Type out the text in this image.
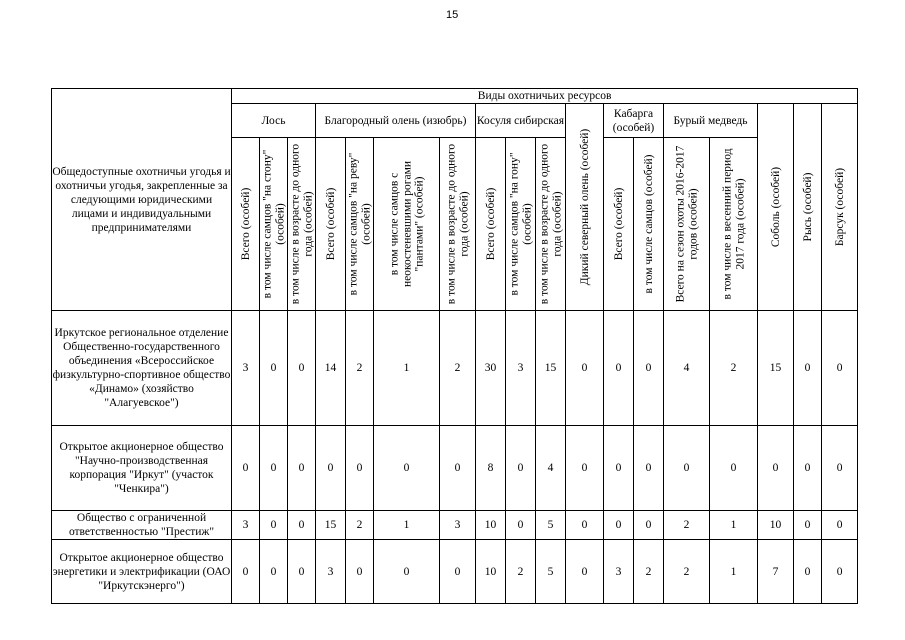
15
Общедоступные охотничьи угодья и охотничьи угодья, закрепленные за следующими юридическими лицами и индивидуальными предпринимателями	Виды охотничьих ресурсов																	
	Лось			Благородный олень (изюбрь)				Косуля сибирская			Дикий северный олень (особей)	Кабарга (особей)		Бурый медведь		Соболь (особей)	Рысь (особей)	Барсук (особей)

	Всего (особей)	в том числе самцов "на стону" (особей)	в том числе в возрасте до одного года (особей)	Всего (особей)	в том числе самцов "на реву" (особей)	в том числе самцов с неокостеневшими рогами "пантами" (особей)	в том числе в возрасте до одного года (особей)	Всего (особей)	в том числе самцов "на гону" (особей)	в том числе в возрасте до одного года (особей)		Всего (особей)	в том числе самцов (особей)	Всего на сезон охоты 2016-2017 годов (особей)	в том числе в весенний период 2017 года (особей)			

Иркутское региональное отделение Общественно-государственного объединения «Всероссийское физкультурно-спортивное общество «Динамо» (хозяйство "Алагуевское")	3	0	0	14	2	1	2	30	3	15	0	0	0	4	2	15	0	0
Открытое акционерное общество "Научно-производственная корпорация "Иркут" (участок "Ченкира")	0	0	0	0	0	0	0	8	0	4	0	0	0	0	0	0	0	0
Общество с ограниченной ответственностью "Престиж"	3	0	0	15	2	1	3	10	0	5	0	0	0	2	1	10	0	0
Открытое акционерное общество энергетики и электрификации (ОАО "Иркутскэнерго")	0	0	0	3	0	0	0	10	2	5	0	3	2	2	1	7	0	0
